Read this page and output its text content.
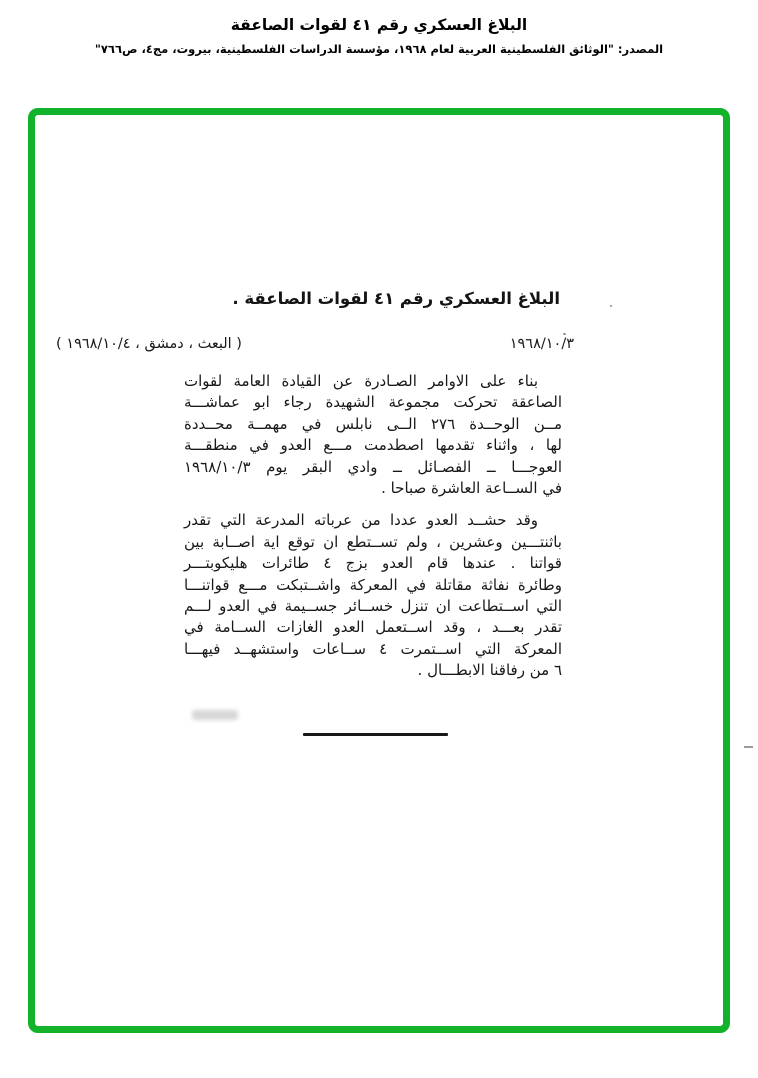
البلاغ العسكري رقم ٤١ لقوات الصاعقة
المصدر: "الوثائق الفلسطينية العربية لعام ١٩٦٨، مؤسسة الدراسات الفلسطينية، بيروت، مج٤، ص٧٦٦"
البلاغ العسكري رقم ٤١ لقوات الصاعقة .
١٩٦٨/١٠/٣
( البعث ، دمشق ، ١٩٦٨/١٠/٤ )
بناء على الاوامر الصـادرة عن القيادة العامة لقوات
الصاعقة تحركت مجموعة الشهيدة رجاء ابو عماشـــة
مــن الوحــدة ٢٧٦ الــى نابلس في مهمــة محــددة
لها ، واثناء تقدمها اصطدمت مـــع العدو في منطقـــة
العوجـــا ــ الفصـائل ــ وادي البقر يوم ١٩٦٨/١٠/٣
في الســاعة العاشرة صباحا .
وقد حشــد العدو عددا من عرباته المدرعة التي تقدر
باثنتـــين وعشرين ، ولم تســتطع ان توقع اية اصــابة بين
قواتنا . عندها قام العدو بزج ٤ طائرات هليكوبتـــر
وطائرة نفاثة مقاتلة في المعركة واشــتبكت مـــع قواتنـــا
التي اســتطاعت ان تنزل خســائر جســيمة في العدو لـــم
تقدر بعـــد ، وقد اســتعمل العدو الغازات الســامة في
المعركة التي اســتمرت ٤ ســاعات واستشهــد فيهـــا
٦ من رفاقنا الابطـــال .
